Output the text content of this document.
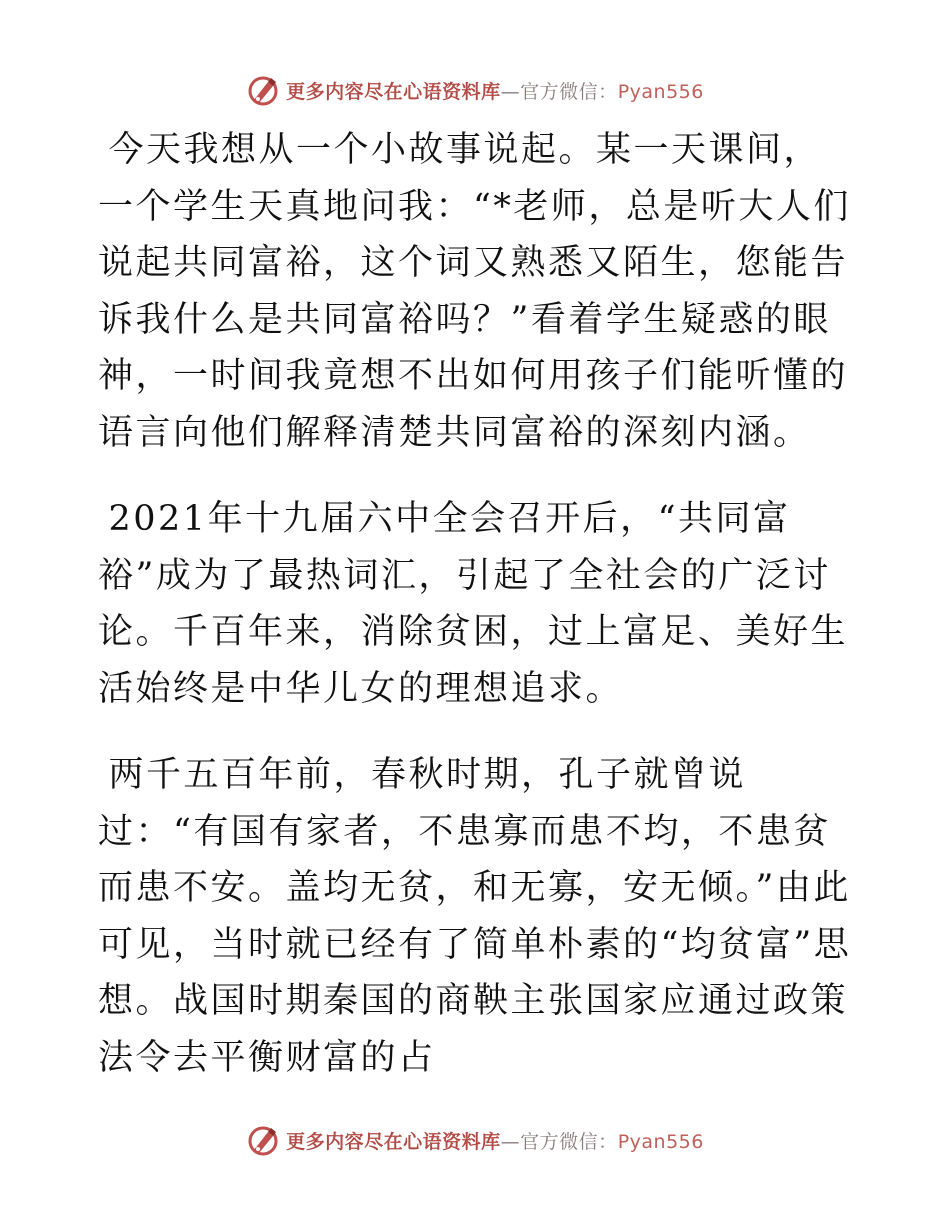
更多内容尽在心语资料库—官方微信：Pyan556

今天我想从一个小故事说起。某一天课间，一个学生天真地问我：“*老师，总是听大人们说起共同富裕，这个词又熟悉又陌生，您能告诉我什么是共同富裕吗？”看着学生疑惑的眼神，一时间我竟想不出如何用孩子们能听懂的语言向他们解释清楚共同富裕的深刻内涵。

2021年十九届六中全会召开后，“共同富裕”成为了最热词汇，引起了全社会的广泛讨论。千百年来，消除贫困，过上富足、美好生活始终是中华儿女的理想追求。

两千五百年前，春秋时期，孔子就曾说过：“有国有家者，不患寡而患不均，不患贫而患不安。盖均无贫，和无寡，安无倾。”由此可见，当时就已经有了简单朴素的“均贫富”思想。战国时期秦国的商鞅主张国家应通过政策法令去平衡财富的占

更多内容尽在心语资料库—官方微信：Pyan556
